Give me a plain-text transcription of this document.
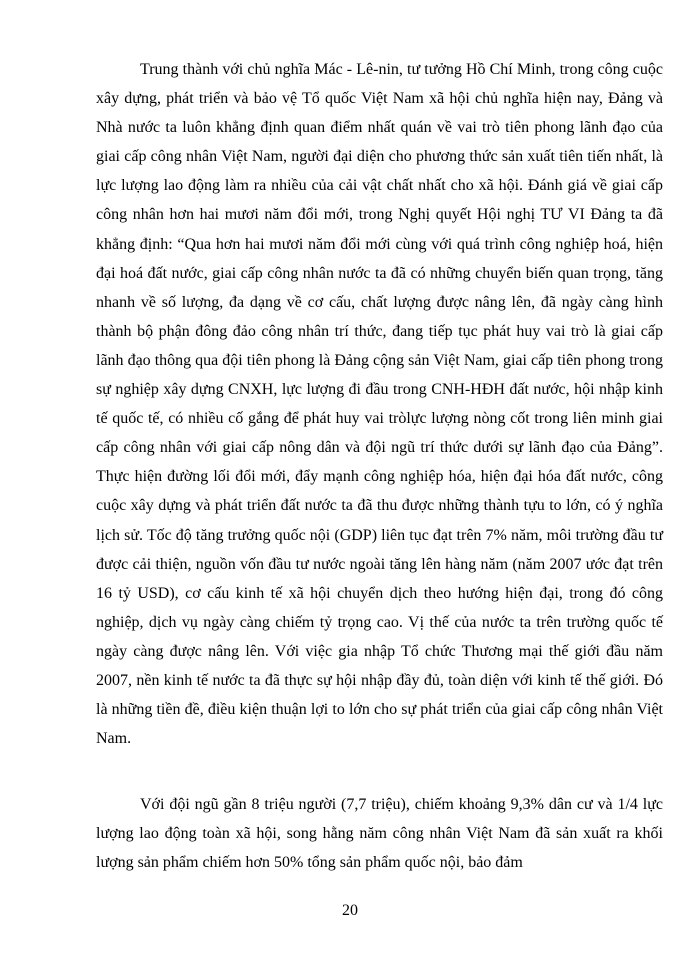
Trung thành với chủ nghĩa Mác - Lê-nin, tư tưởng Hồ Chí Minh, trong công cuộc xây dựng, phát triển và bảo vệ Tổ quốc Việt Nam xã hội chủ nghĩa hiện nay, Đảng và Nhà nước ta luôn khẳng định quan điểm nhất quán về vai trò tiên phong lãnh đạo của giai cấp công nhân Việt Nam, người đại diện cho phương thức sản xuất tiên tiến nhất, là lực lượng lao động làm ra nhiều của cải vật chất nhất cho xã hội. Đánh giá về giai cấp công nhân hơn hai mươi năm đổi mới, trong Nghị quyết Hội nghị TƯ VI Đảng ta đã khẳng định: “Qua hơn hai mươi năm đổi mới cùng với quá trình công nghiệp hoá, hiện đại hoá đất nước, giai cấp công nhân nước ta đã có những chuyển biến quan trọng, tăng nhanh về số lượng, đa dạng về cơ cấu, chất lượng được nâng lên, đã ngày càng hình thành bộ phận đông đảo công nhân trí thức, đang tiếp tục phát huy vai trò là giai cấp lãnh đạo thông qua đội tiên phong là Đảng cộng sản Việt Nam, giai cấp tiên phong trong sự nghiệp xây dựng CNXH, lực lượng đi đầu trong CNH-HĐH đất nước, hội nhập kinh tế quốc tế, có nhiều cố gắng để phát huy vai tròlực lượng nòng cốt trong liên minh giai cấp công nhân với giai cấp nông dân và đội ngũ trí thức dưới sự lãnh đạo của Đảng”. Thực hiện đường lối đổi mới, đẩy mạnh công nghiệp hóa, hiện đại hóa đất nước, công cuộc xây dựng và phát triển đất nước ta đã thu được những thành tựu to lớn, có ý nghĩa lịch sử. Tốc độ tăng trưởng quốc nội (GDP) liên tục đạt trên 7% năm, môi trường đầu tư được cải thiện, nguồn vốn đầu tư nước ngoài tăng lên hàng năm (năm 2007 ước đạt trên 16 tỷ USD), cơ cấu kinh tế xã hội chuyển dịch theo hướng hiện đại, trong đó công nghiệp, dịch vụ ngày càng chiếm tỷ trọng cao. Vị thế của nước ta trên trường quốc tế ngày càng được nâng lên. Với việc gia nhập Tổ chức Thương mại thế giới đầu năm 2007, nền kinh tế nước ta đã thực sự hội nhập đầy đủ, toàn diện với kinh tế thế giới. Đó là những tiền đề, điều kiện thuận lợi to lớn cho sự phát triển của giai cấp công nhân Việt Nam.

Với đội ngũ gần 8 triệu người (7,7 triệu), chiếm khoảng 9,3% dân cư và 1/4 lực lượng lao động toàn xã hội, song hằng năm công nhân Việt Nam đã sản xuất ra khối lượng sản phẩm chiếm hơn 50% tổng sản phẩm quốc nội, bảo đảm

20
